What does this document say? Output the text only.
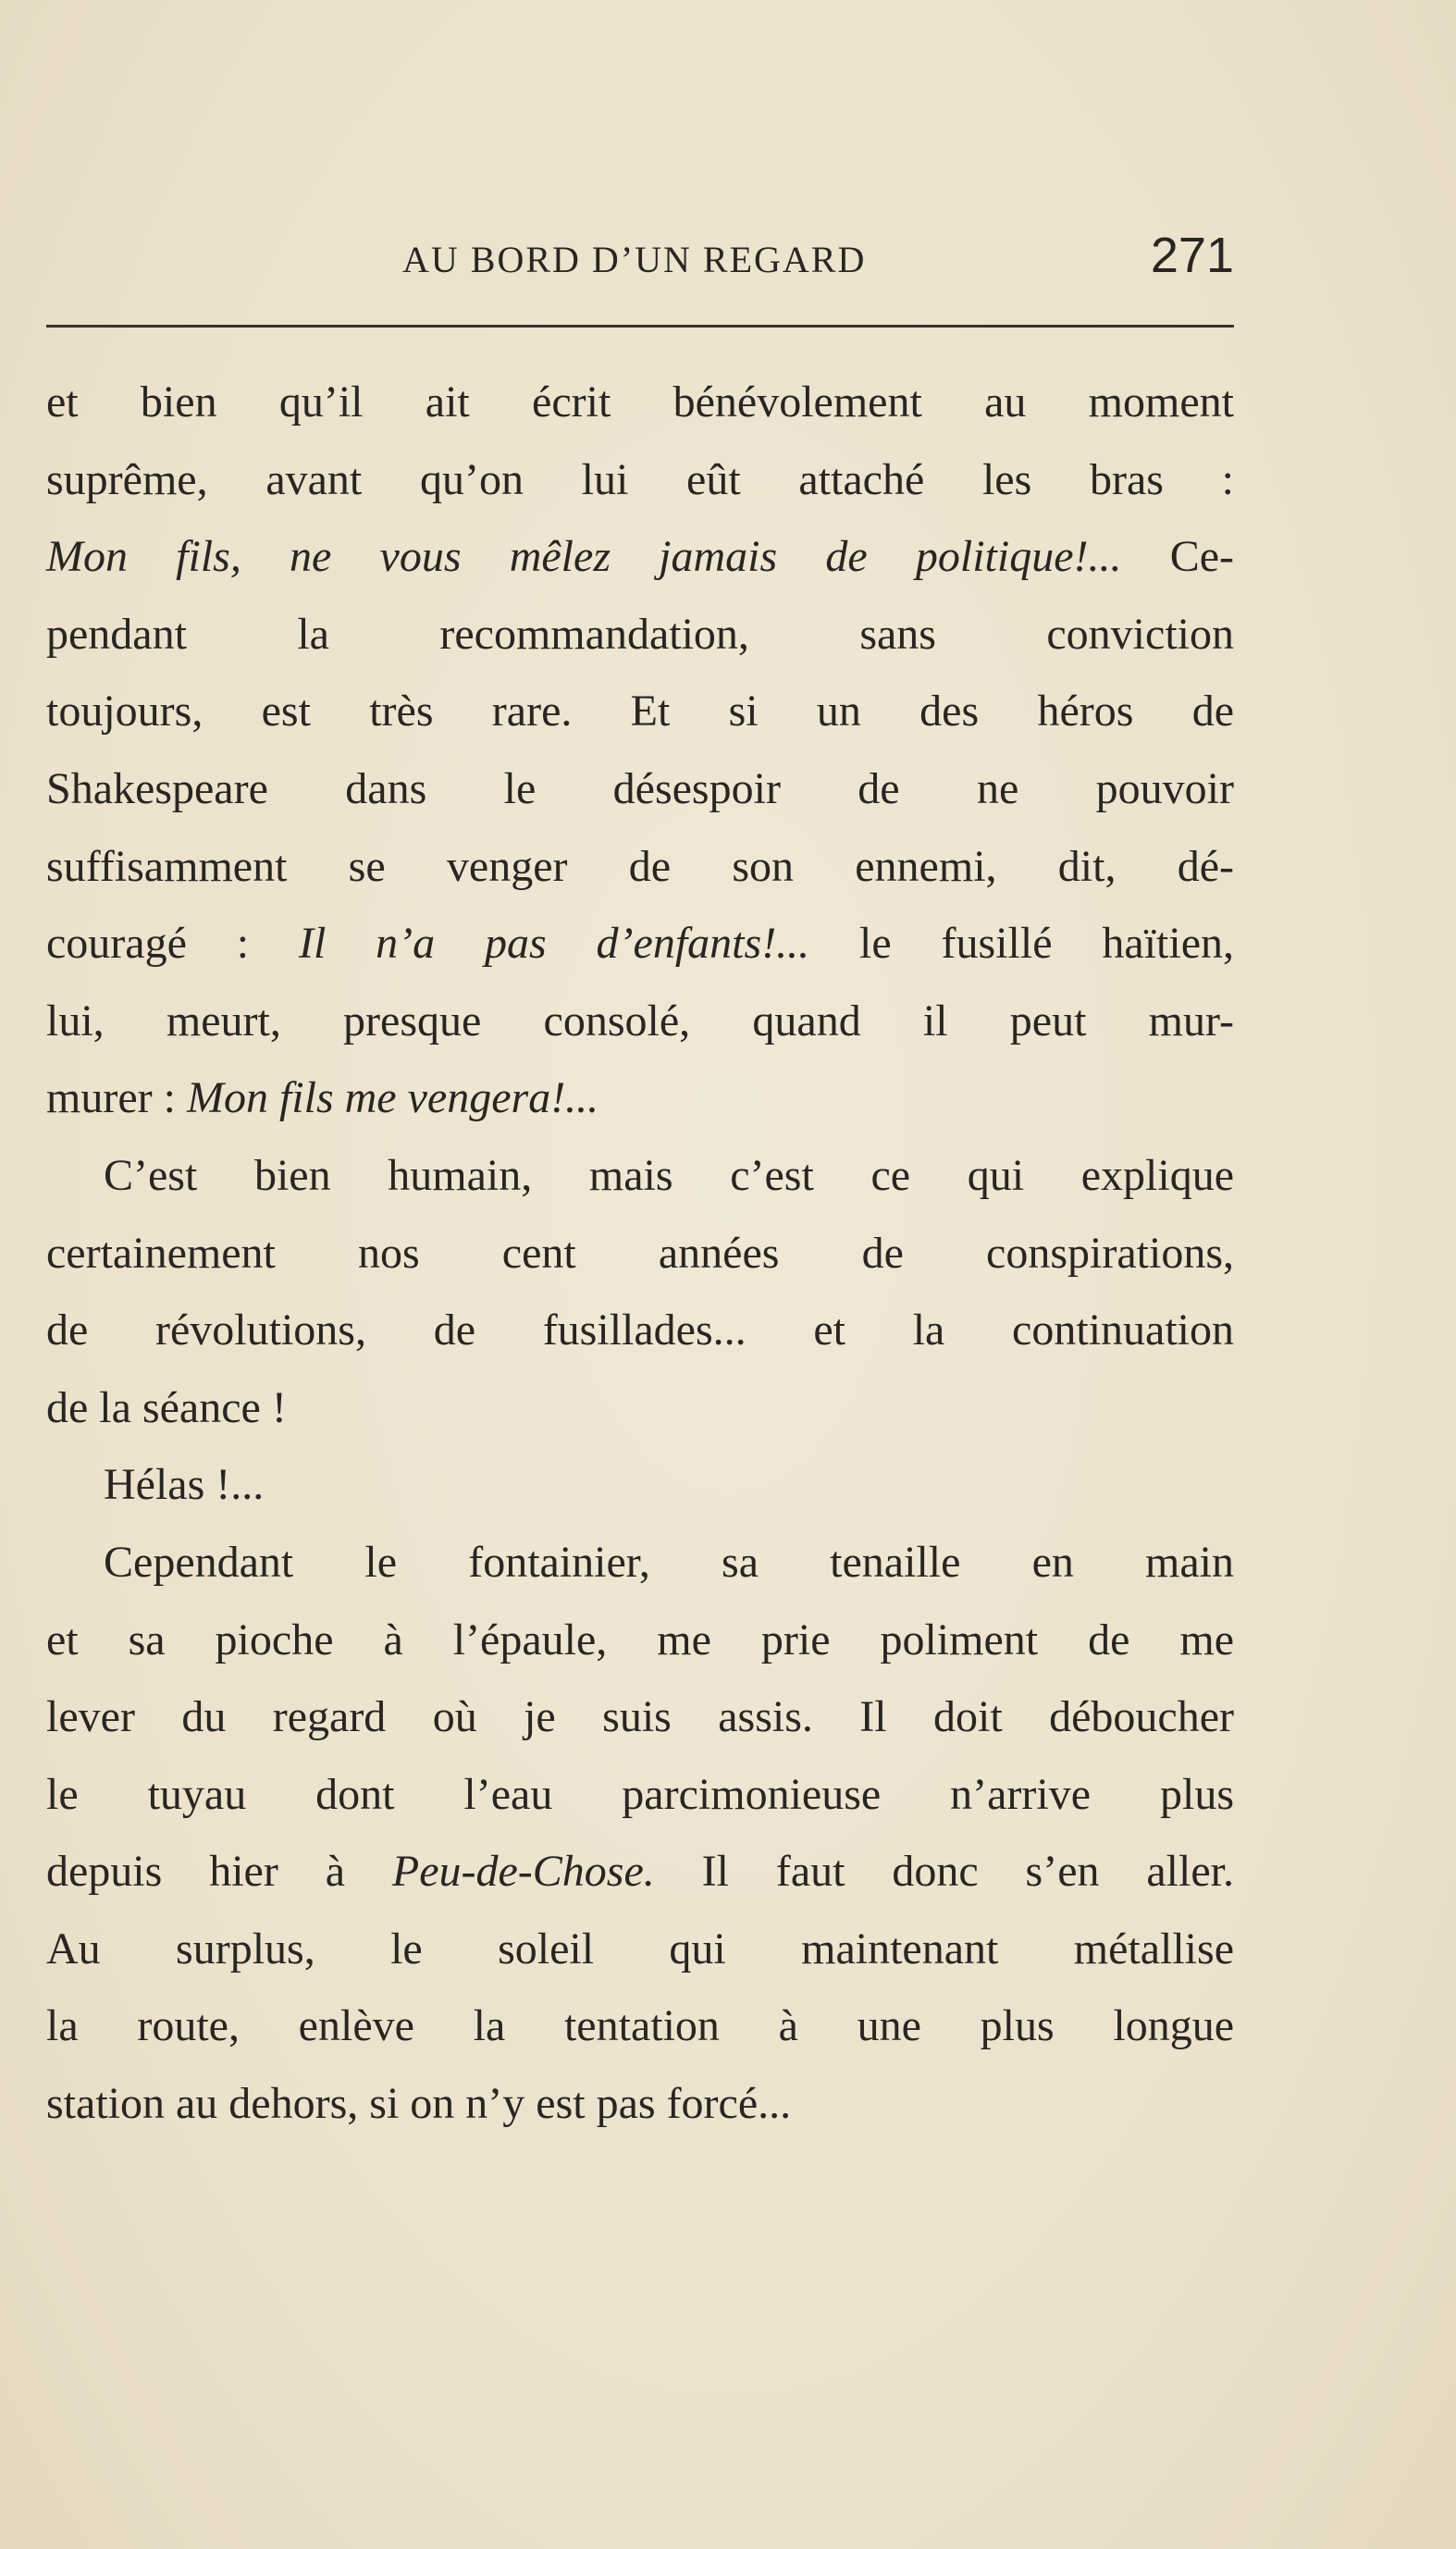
AU BORD D’UN REGARD	271
et bien qu’il ait écrit bénévolement au moment
suprême, avant qu’on lui eût attaché les bras :
Mon fils, ne vous mêlez jamais de politique!... Ce-
pendant la recommandation, sans conviction
toujours, est très rare. Et si un des héros de
Shakespeare dans le désespoir de ne pouvoir
suffisamment se venger de son ennemi, dit, dé-
couragé : Il n’a pas d’enfants!... le fusillé haïtien,
lui, meurt, presque consolé, quand il peut mur-
murer : Mon fils me vengera!...
C’est bien humain, mais c’est ce qui explique
certainement nos cent années de conspirations,
de révolutions, de fusillades... et la continuation
de la séance !
Hélas !...
Cependant le fontainier, sa tenaille en main
et sa pioche à l’épaule, me prie poliment de me
lever du regard où je suis assis. Il doit déboucher
le tuyau dont l’eau parcimonieuse n’arrive plus
depuis hier à Peu-de-Chose. Il faut donc s’en aller.
Au surplus, le soleil qui maintenant métallise
la route, enlève la tentation à une plus longue
station au dehors, si on n’y est pas forcé...
